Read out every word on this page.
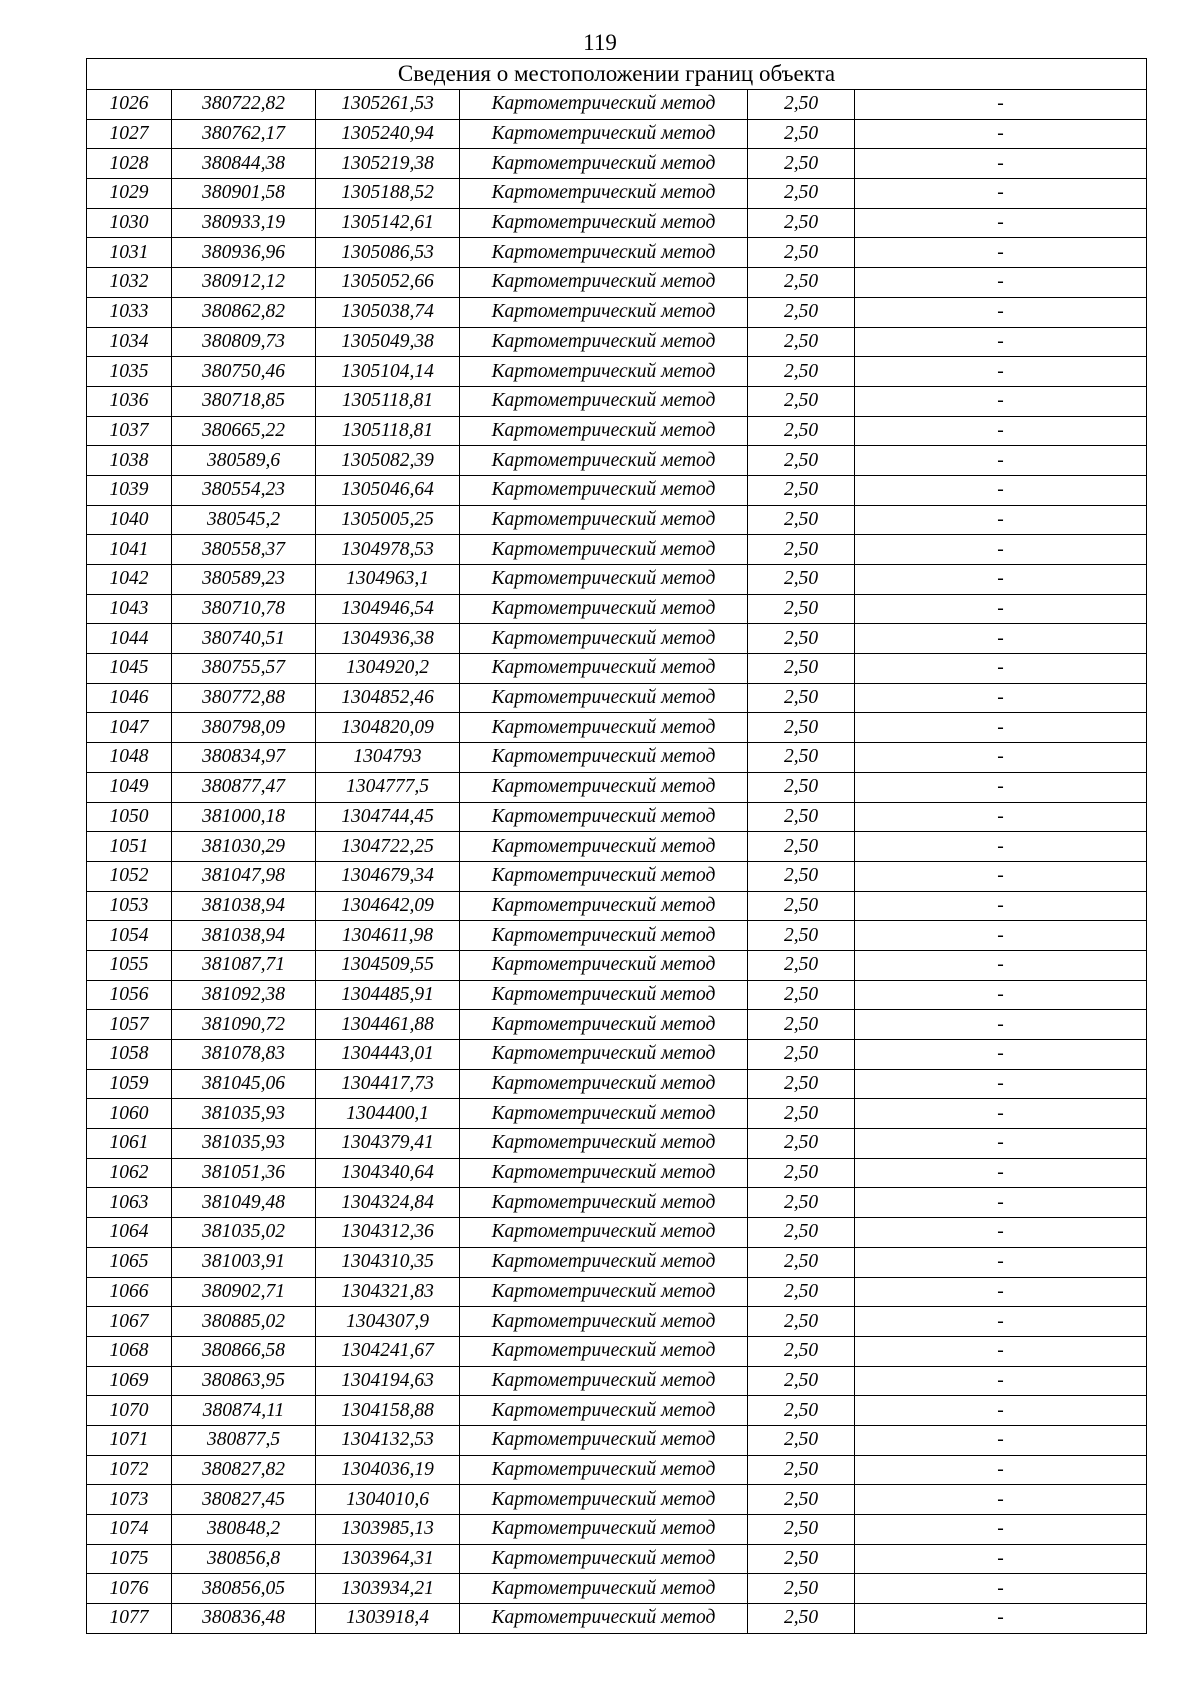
119
Сведения о местоположении границ объекта					
1026	380722,82	1305261,53	Картометрический метод	2,50	-
1027	380762,17	1305240,94	Картометрический метод	2,50	-
1028	380844,38	1305219,38	Картометрический метод	2,50	-
1029	380901,58	1305188,52	Картометрический метод	2,50	-
1030	380933,19	1305142,61	Картометрический метод	2,50	-
1031	380936,96	1305086,53	Картометрический метод	2,50	-
1032	380912,12	1305052,66	Картометрический метод	2,50	-
1033	380862,82	1305038,74	Картометрический метод	2,50	-
1034	380809,73	1305049,38	Картометрический метод	2,50	-
1035	380750,46	1305104,14	Картометрический метод	2,50	-
1036	380718,85	1305118,81	Картометрический метод	2,50	-
1037	380665,22	1305118,81	Картометрический метод	2,50	-
1038	380589,6	1305082,39	Картометрический метод	2,50	-
1039	380554,23	1305046,64	Картометрический метод	2,50	-
1040	380545,2	1305005,25	Картометрический метод	2,50	-
1041	380558,37	1304978,53	Картометрический метод	2,50	-
1042	380589,23	1304963,1	Картометрический метод	2,50	-
1043	380710,78	1304946,54	Картометрический метод	2,50	-
1044	380740,51	1304936,38	Картометрический метод	2,50	-
1045	380755,57	1304920,2	Картометрический метод	2,50	-
1046	380772,88	1304852,46	Картометрический метод	2,50	-
1047	380798,09	1304820,09	Картометрический метод	2,50	-
1048	380834,97	1304793	Картометрический метод	2,50	-
1049	380877,47	1304777,5	Картометрический метод	2,50	-
1050	381000,18	1304744,45	Картометрический метод	2,50	-
1051	381030,29	1304722,25	Картометрический метод	2,50	-
1052	381047,98	1304679,34	Картометрический метод	2,50	-
1053	381038,94	1304642,09	Картометрический метод	2,50	-
1054	381038,94	1304611,98	Картометрический метод	2,50	-
1055	381087,71	1304509,55	Картометрический метод	2,50	-
1056	381092,38	1304485,91	Картометрический метод	2,50	-
1057	381090,72	1304461,88	Картометрический метод	2,50	-
1058	381078,83	1304443,01	Картометрический метод	2,50	-
1059	381045,06	1304417,73	Картометрический метод	2,50	-
1060	381035,93	1304400,1	Картометрический метод	2,50	-
1061	381035,93	1304379,41	Картометрический метод	2,50	-
1062	381051,36	1304340,64	Картометрический метод	2,50	-
1063	381049,48	1304324,84	Картометрический метод	2,50	-
1064	381035,02	1304312,36	Картометрический метод	2,50	-
1065	381003,91	1304310,35	Картометрический метод	2,50	-
1066	380902,71	1304321,83	Картометрический метод	2,50	-
1067	380885,02	1304307,9	Картометрический метод	2,50	-
1068	380866,58	1304241,67	Картометрический метод	2,50	-
1069	380863,95	1304194,63	Картометрический метод	2,50	-
1070	380874,11	1304158,88	Картометрический метод	2,50	-
1071	380877,5	1304132,53	Картометрический метод	2,50	-
1072	380827,82	1304036,19	Картометрический метод	2,50	-
1073	380827,45	1304010,6	Картометрический метод	2,50	-
1074	380848,2	1303985,13	Картометрический метод	2,50	-
1075	380856,8	1303964,31	Картометрический метод	2,50	-
1076	380856,05	1303934,21	Картометрический метод	2,50	-
1077	380836,48	1303918,4	Картометрический метод	2,50	-
